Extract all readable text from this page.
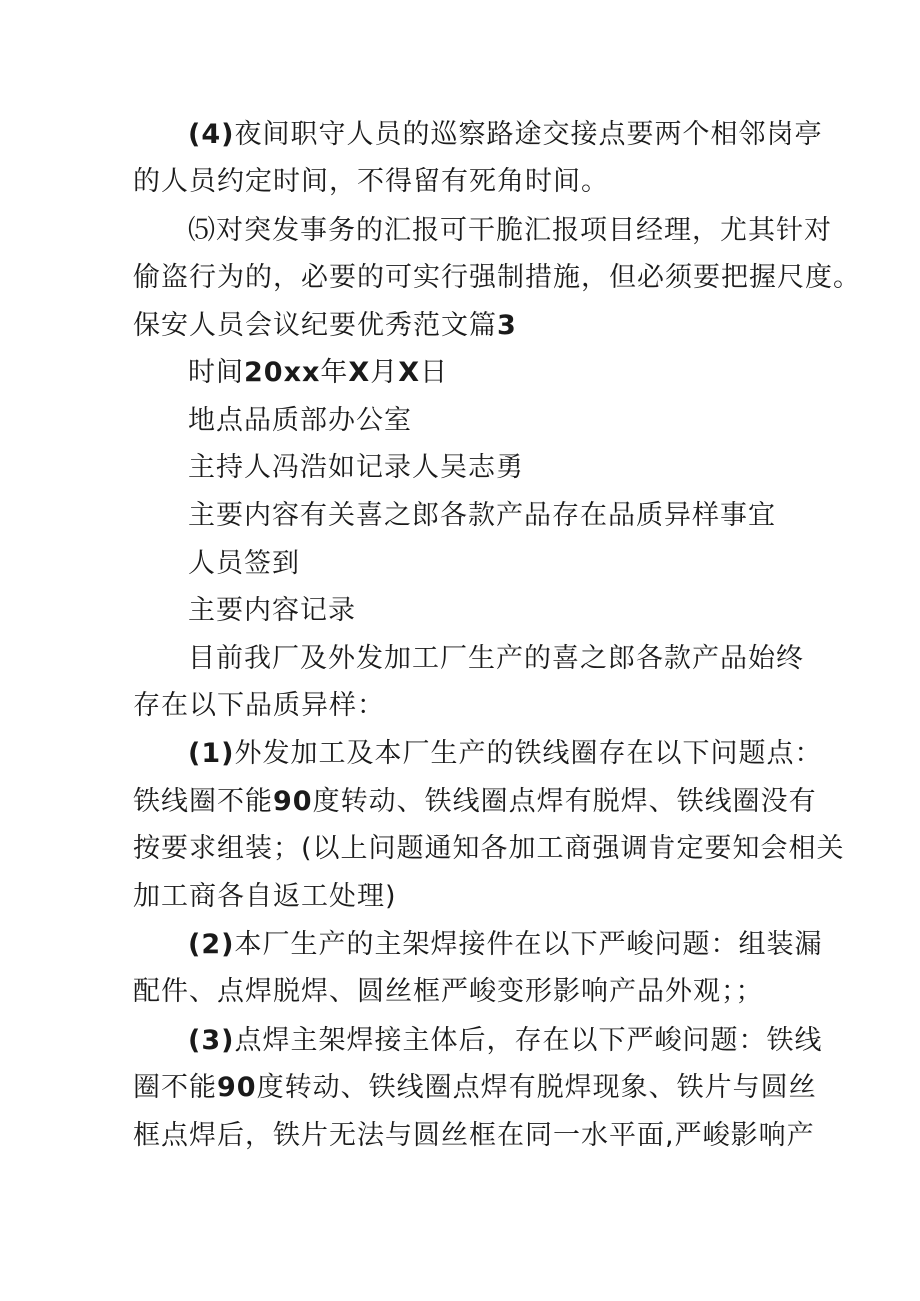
(4)夜间职守人员的巡察路途交接点要两个相邻岗亭
的人员约定时间，不得留有死角时间。
⑸对突发事务的汇报可干脆汇报项目经理，尤其针对
偷盗行为的，必要的可实行强制措施，但必须要把握尺度。
保安人员会议纪要优秀范文篇3
时间20xx年X月X日
地点品质部办公室
主持人冯浩如记录人吴志勇
主要内容有关喜之郎各款产品存在品质异样事宜
人员签到
主要内容记录
目前我厂及外发加工厂生产的喜之郎各款产品始终
存在以下品质异样：
(1)外发加工及本厂生产的铁线圈存在以下问题点：
铁线圈不能90度转动、铁线圈点焊有脱焊、铁线圈没有
按要求组装；(以上问题通知各加工商强调肯定要知会相关
加工商各自返工处理)
(2)本厂生产的主架焊接件在以下严峻问题：组装漏
配件、点焊脱焊、圆丝框严峻变形影响产品外观；；
(3)点焊主架焊接主体后，存在以下严峻问题：铁线
圈不能90度转动、铁线圈点焊有脱焊现象、铁片与圆丝
框点焊后，铁片无法与圆丝框在同一水平面,严峻影响产
